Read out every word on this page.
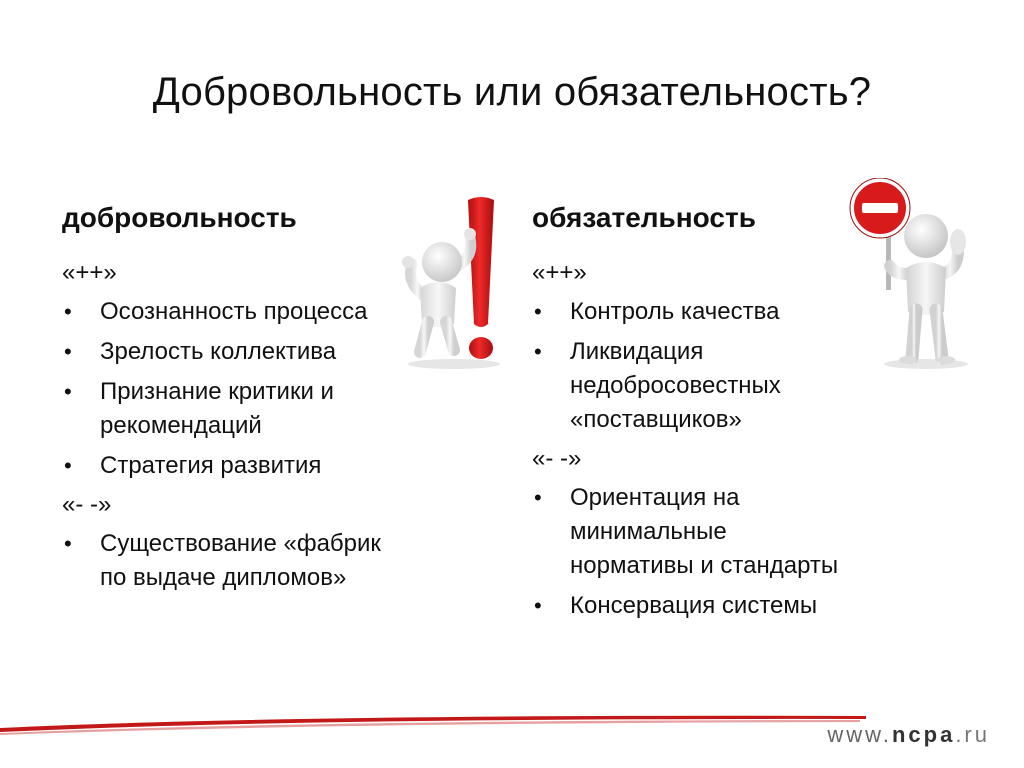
Добровольность или обязательность?
добровольность
«++»
• Осознанность процесса
• Зрелость коллектива
• Признание критики и рекомендаций
• Стратегия развития
«- -»
• Существование «фабрик по выдаче дипломов»
обязательность
«++»
• Контроль качества
• Ликвидация недобросовестных «поставщиков»
«- -»
• Ориентация на минимальные нормативы и стандарты
• Консервация системы
www.ncpa.ru
